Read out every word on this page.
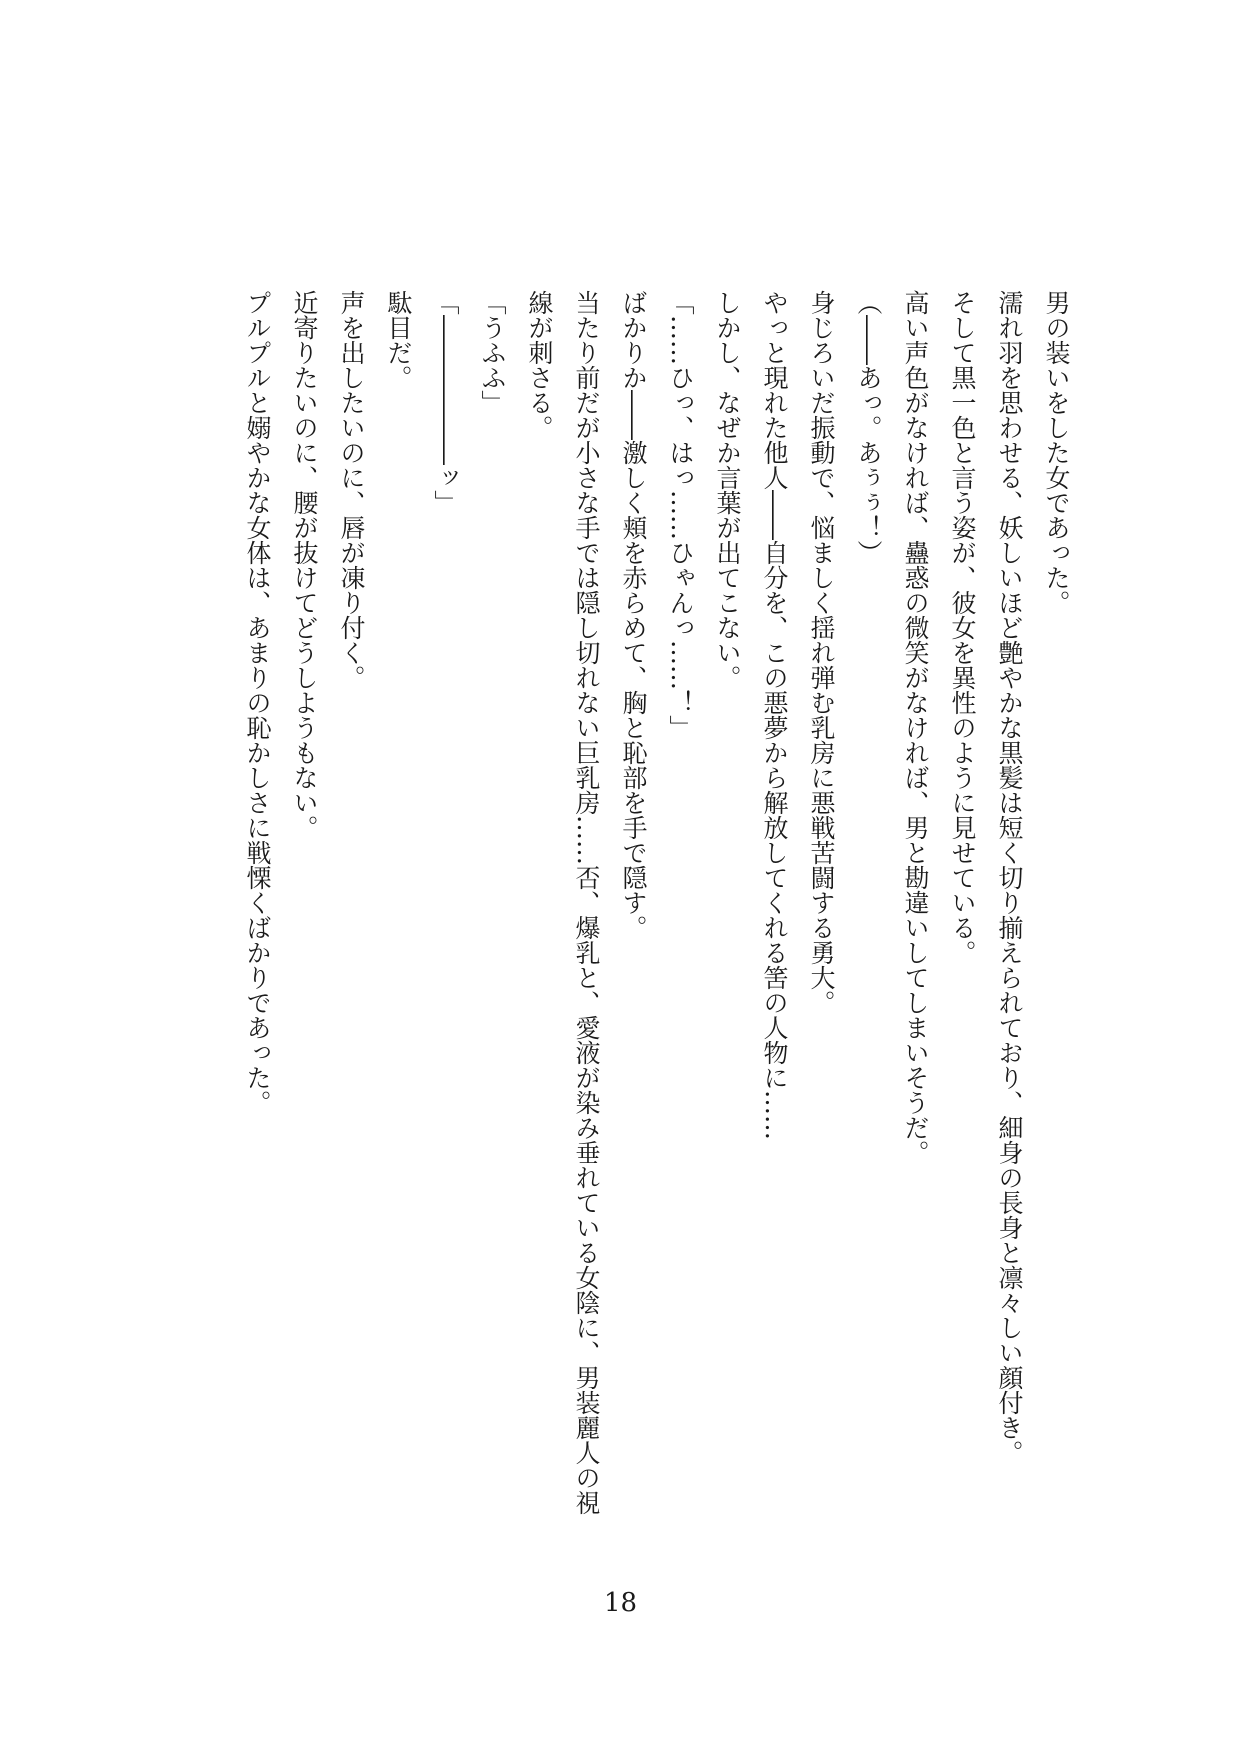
男の装いをした女であった。

濡れ羽を思わせる、妖しいほど艶やかな黒髪は短く切り揃えられており、細身の長身と凛々しい顔付き。

そして黒一色と言う姿が、彼女を異性のように見せている。

高い声色がなければ、蠱惑の微笑がなければ、男と勘違いしてしまいそうだ。

（――あっ。あぅぅ！）

身じろいだ振動で、悩ましく揺れ弾む乳房に悪戦苦闘する勇大。

やっと現れた他人――自分を、この悪夢から解放してくれる筈の人物に……

しかし、なぜか言葉が出てこない。

「……ひっ、はっ……ひゃんっ……！」

ばかりか――激しく頬を赤らめて、胸と恥部を手で隠す。

当たり前だが小さな手では隠し切れない巨乳房……否、爆乳と、愛液が染み垂れている女陰に、男装麗人の視

線が刺さる。

「うふふ」

「――――――ッ」

駄目だ。

声を出したいのに、唇が凍り付く。

近寄りたいのに、腰が抜けてどうしようもない。

プルプルと嫋やかな女体は、あまりの恥かしさに戦慄くばかりであった。

18
